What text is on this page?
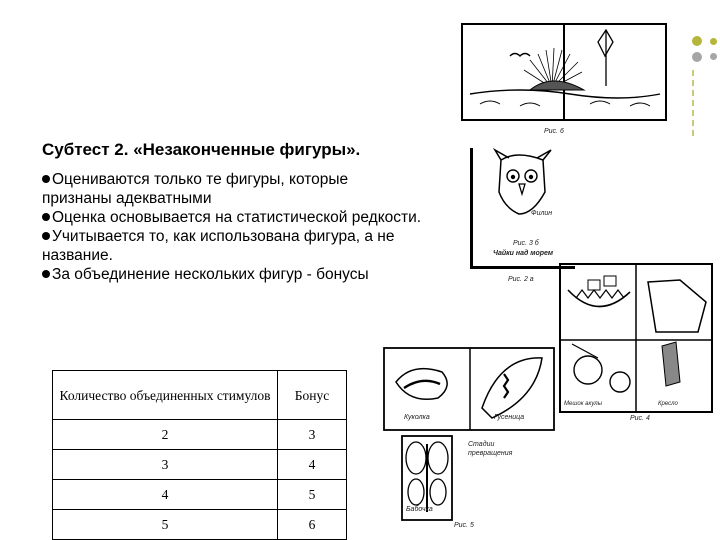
Субтест 2. «Незаконченные фигуры».

Оцениваются только те фигуры, которые признаны адекватными

Оценка основывается на статистической редкости.

Учитывается то, как использована фигура, а не название.

За объединение нескольких фигур - бонусы

Количество объединенных стимулов	Бонус
2	3
3	4
4	5
5	6
Рис. 6
Филин
Рис. 3 б
Чайки над морем
Рис. 2 а
Мешок акулы	Кресло
Рис. 4
Куколка	Гусеница
Стадии превращения
Бабочка
Рис. 5
